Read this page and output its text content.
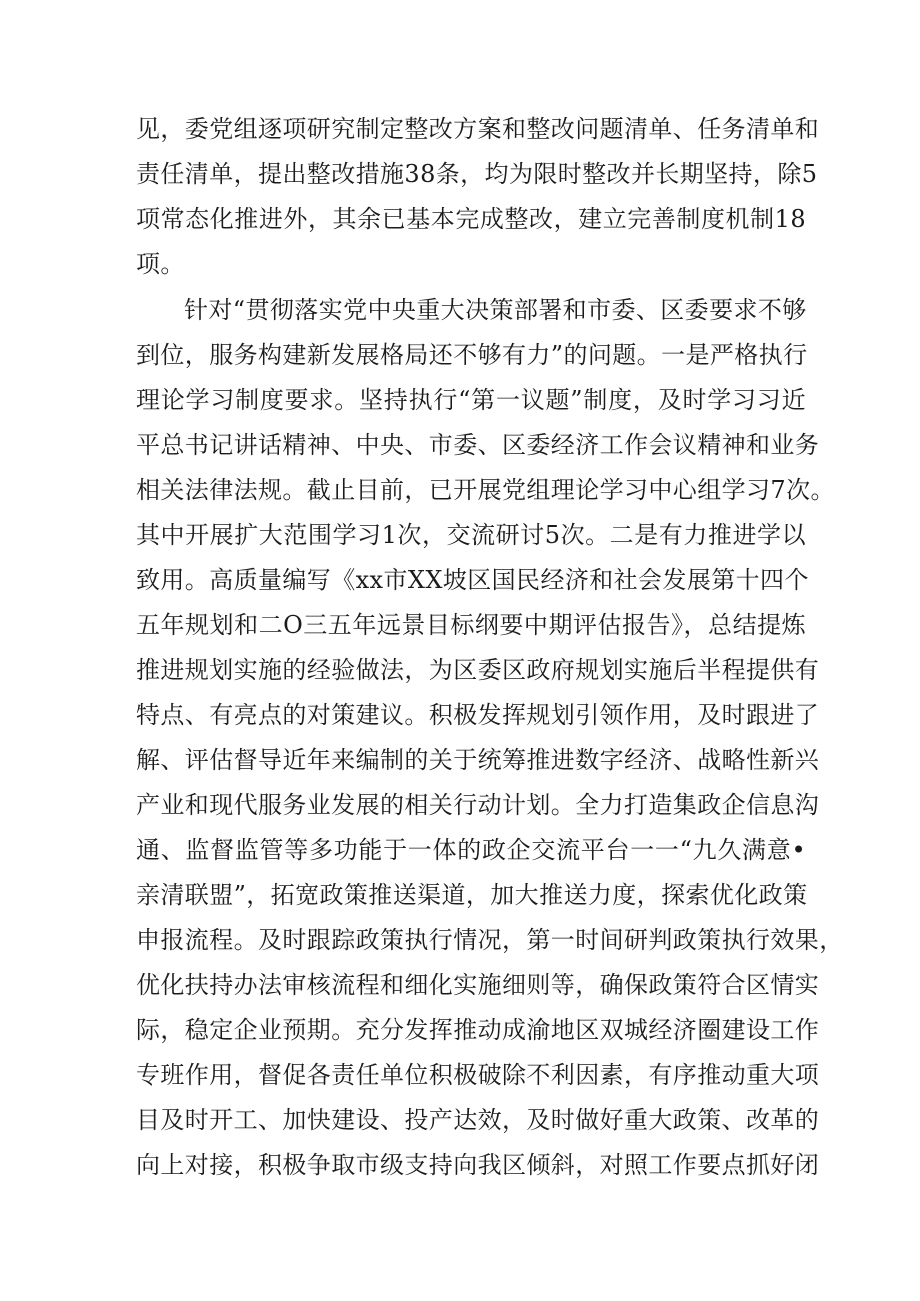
见，委党组逐项研究制定整改方案和整改问题清单、任务清单和

责任清单，提出整改措施38条，均为限时整改并长期坚持，除5

项常态化推进外，其余已基本完成整改，建立完善制度机制18

项。

针对“贯彻落实党中央重大决策部署和市委、区委要求不够

到位，服务构建新发展格局还不够有力”的问题。一是严格执行

理论学习制度要求。坚持执行“第一议题”制度，及时学习习近

平总书记讲话精神、中央、市委、区委经济工作会议精神和业务

相关法律法规。截止目前，已开展党组理论学习中心组学习7次。

其中开展扩大范围学习1次，交流研讨5次。二是有力推进学以

致用。高质量编写《xx市XX坡区国民经济和社会发展第十四个

五年规划和二O三五年远景目标纲要中期评估报告》，总结提炼

推进规划实施的经验做法，为区委区政府规划实施后半程提供有

特点、有亮点的对策建议。积极发挥规划引领作用，及时跟进了

解、评估督导近年来编制的关于统筹推进数字经济、战略性新兴

产业和现代服务业发展的相关行动计划。全力打造集政企信息沟

通、监督监管等多功能于一体的政企交流平台一一“九久满意•

亲清联盟”，拓宽政策推送渠道，加大推送力度，探索优化政策

申报流程。及时跟踪政策执行情况，第一时间研判政策执行效果，

优化扶持办法审核流程和细化实施细则等，确保政策符合区情实

际，稳定企业预期。充分发挥推动成渝地区双城经济圈建设工作

专班作用，督促各责任单位积极破除不利因素，有序推动重大项

目及时开工、加快建设、投产达效，及时做好重大政策、改革的

向上对接，积极争取市级支持向我区倾斜，对照工作要点抓好闭
